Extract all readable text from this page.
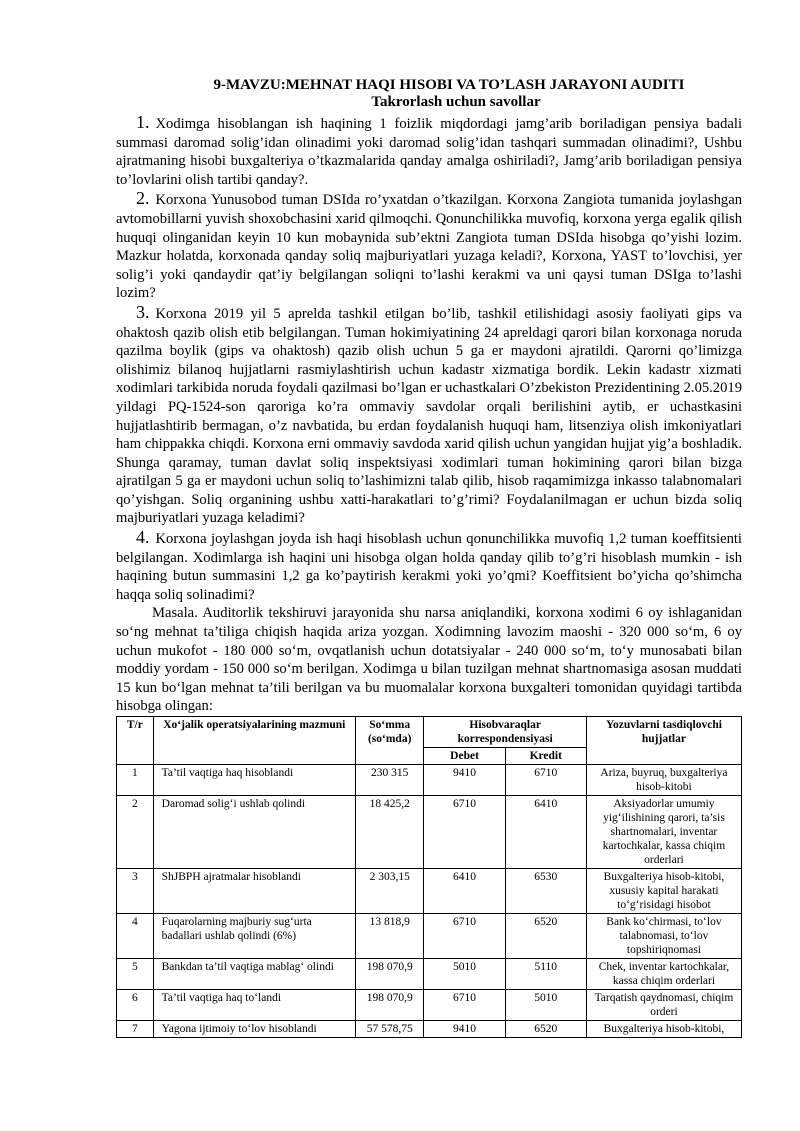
9-MAVZU:MEHNAT HAQI HISOBI VA TO’LASH JARAYONI AUDITI
Takrorlash uchun savollar

1. Xodimga hisoblangan ish haqining 1 foizlik miqdordagi jamg’arib boriladigan pensiya badali summasi daromad solig’idan olinadimi yoki daromad solig’idan tashqari summadan olinadimi?, Ushbu ajratmaning hisobi buxgalteriya o’tkazmalarida qanday amalga oshiriladi?, Jamg’arib boriladigan pensiya to’lovlarini olish tartibi qanday?.

2. Korxona Yunusobod tuman DSIda ro’yxatdan o’tkazilgan. Korxona Zangiota tumanida joylashgan avtomobillarni yuvish shoxobchasini xarid qilmoqchi. Qonunchilikka muvofiq, korxona yerga egalik qilish huquqi olinganidan keyin 10 kun mobaynida sub’ektni Zangiota tuman DSIda hisobga qo’yishi lozim. Mazkur holatda, korxonada qanday soliq majburiyatlari yuzaga keladi?, Korxona, YAST to’lovchisi, yer solig’i yoki qandaydir qat’iy belgilangan soliqni to’lashi kerakmi va uni qaysi tuman DSIga to’lashi lozim?

3. Korxona 2019 yil 5 aprelda tashkil etilgan bo’lib, tashkil etilishidagi asosiy faoliyati gips va ohaktosh qazib olish etib belgilangan. Tuman hokimiyatining 24 apreldagi qarori bilan korxonaga noruda qazilma boylik (gips va ohaktosh) qazib olish uchun 5 ga er maydoni ajratildi. Qarorni qo’limizga olishimiz bilanoq hujjatlarni rasmiylashtirish uchun kadastr xizmatiga bordik. Lekin kadastr xizmati xodimlari tarkibida noruda foydali qazilmasi bo’lgan er uchastkalari O’zbekiston Prezidentining 2.05.2019 yildagi PQ-1524-son qaroriga ko’ra ommaviy savdolar orqali berilishini aytib, er uchastkasini hujjatlashtirib bermagan, o’z navbatida, bu erdan foydalanish huquqi ham, litsenziya olish imkoniyatlari ham chippakka chiqdi. Korxona erni ommaviy savdoda xarid qilish uchun yangidan hujjat yig’a boshladik. Shunga qaramay, tuman davlat soliq inspektsiyasi xodimlari tuman hokimining qarori bilan bizga ajratilgan 5 ga er maydoni uchun soliq to’lashimizni talab qilib, hisob raqamimizga inkasso talabnomalari qo’yishgan. Soliq organining ushbu xatti-harakatlari to’g’rimi? Foydalanilmagan er uchun bizda soliq majburiyatlari yuzaga keladimi?

4. Korxona joylashgan joyda ish haqi hisoblash uchun qonunchilikka muvofiq 1,2 tuman koeffitsienti belgilangan. Xodimlarga ish haqini uni hisobga olgan holda qanday qilib to’g’ri hisoblash mumkin - ish haqining butun summasini 1,2 ga ko’paytirish kerakmi yoki yo’qmi? Koeffitsient bo’yicha qo’shimcha haqqa soliq solinadimi?

Masala. Auditorlik tekshiruvi jarayonida shu narsa aniqlandiki, korxona xodimi 6 oy ishlaganidan so‘ng mehnat ta’tiliga chiqish haqida ariza yozgan. Xodimning lavozim maoshi - 320 000 so‘m, 6 oy uchun mukofot - 180 000 so‘m, ovqatlanish uchun dotatsiyalar - 240 000 so‘m, to‘y munosabati bilan moddiy yordam - 150 000 so‘m berilgan. Xodimga u bilan tuzilgan mehnat shartnomasiga asosan muddati 15 kun bo‘lgan mehnat ta’tili berilgan va bu muomalalar korxona buxgalteri tomonidan quyidagi tartibda hisobga olingan:

T/r	Xo‘jalik operatsiyalarining mazmuni	So‘mma (so‘mda)	Hisobvaraqlar korrespondensiyasi		Yozuvlarni tasdiqlovchi hujjatlar
			Debet	Kredit	
1	Ta’til vaqtiga haq hisoblandi	230 315	9410	6710	Ariza, buyruq, buxgalteriya hisob-kitobi
2	Daromad solig‘i ushlab qolindi	18 425,2	6710	6410	Aksiyadorlar umumiy yig‘ilishining qarori, ta’sis shartnomalari, inventar kartochkalar, kassa chiqim orderlari
3	ShJBPH ajratmalar hisoblandi	2 303,15	6410	6530	Buxgalteriya hisob-kitobi, xususiy kapital harakati to‘g‘risidagi hisobot
4	Fuqarolarning majburiy sug‘urta badallari ushlab qolindi (6%)	13 818,9	6710	6520	Bank ko‘chirmasi, to‘lov talabnomasi, to‘lov topshiriqnomasi
5	Bankdan ta’til vaqtiga mablag‘ olindi	198 070,9	5010	5110	Chek, inventar kartochkalar, kassa chiqim orderlari
6	Ta’til vaqtiga haq to‘landi	198 070,9	6710	5010	Tarqatish qaydnomasi, chiqim orderi
7	Yagona ijtimoiy to‘lov hisoblandi	57 578,75	9410	6520	Buxgalteriya hisob-kitobi,
